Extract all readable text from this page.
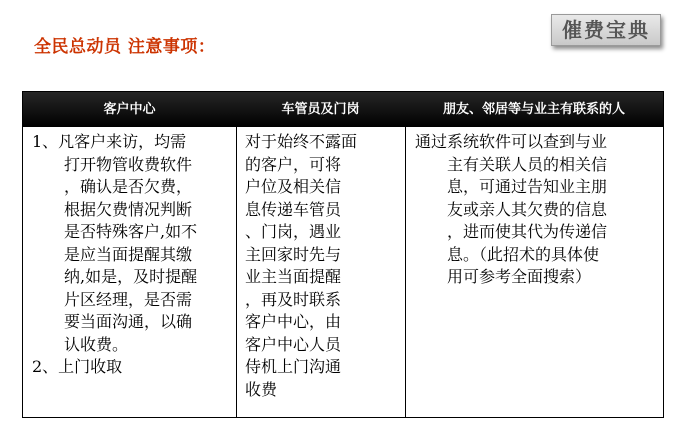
全民总动员 注意事项：
催费宝典
客户中心	车管员及门岗	朋友、邻居等与业主有联系的人
1、凡客户来访，均需
　　打开物管收费软件
　　，确认是否欠费，
　　根据欠费情况判断
　　是否特殊客户,如不
　　是应当面提醒其缴
　　纳,如是，及时提醒
　　片区经理，是否需
　　要当面沟通，以确
　　认收费。
2、上门收取
对于始终不露面
的客户，可将
户位及相关信
息传递车管员
、门岗，遇业
主回家时先与
业主当面提醒
，再及时联系
客户中心，由
客户中心人员
侍机上门沟通
收费
通过系统软件可以查到与业
　　主有关联人员的相关信
　　息，可通过告知业主朋
　　友或亲人其欠费的信息
　　，进而使其代为传递信
　　息。（此招术的具体使
　　用可参考全面搜索）
